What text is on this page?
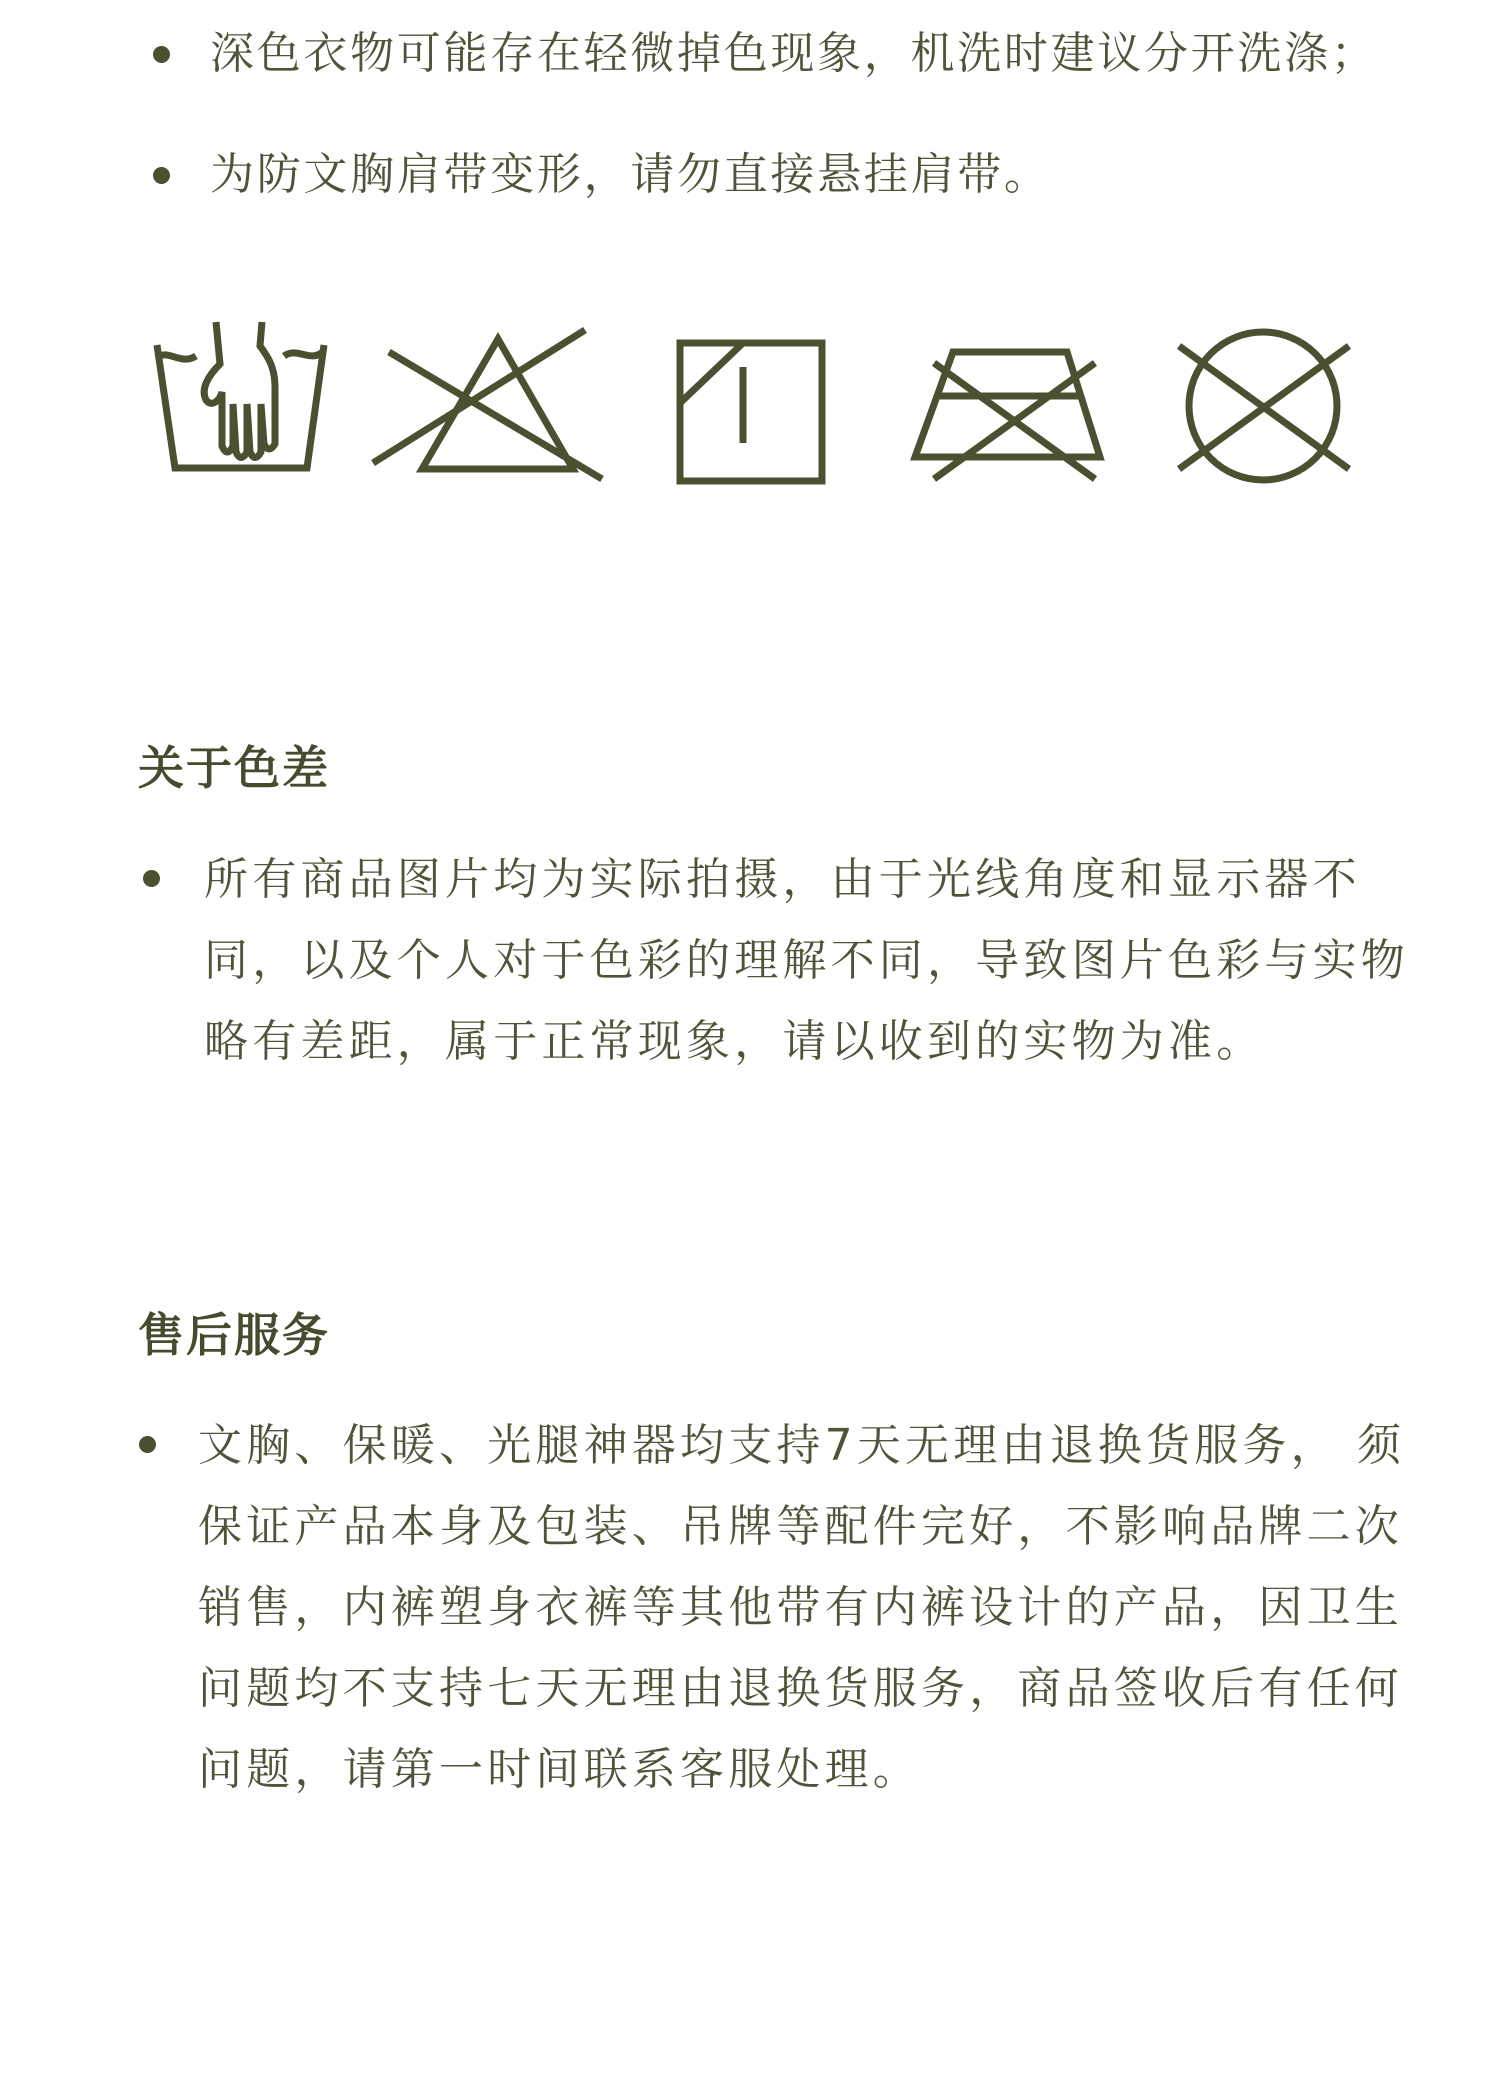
深色衣物可能存在轻微掉色现象，机洗时建议分开洗涤；
为防文胸肩带变形，请勿直接悬挂肩带。
关于色差
所有商品图片均为实际拍摄，由于光线角度和显示器不
同，以及个人对于色彩的理解不同，导致图片色彩与实物
略有差距，属于正常现象，请以收到的实物为准。
售后服务
文胸、保暖、光腿神器均支持7天无理由退换货服务， 须
保证产品本身及包装、吊牌等配件完好，不影响品牌二次
销售，内裤塑身衣裤等其他带有内裤设计的产品，因卫生
问题均不支持七天无理由退换货服务，商品签收后有任何
问题，请第一时间联系客服处理。
